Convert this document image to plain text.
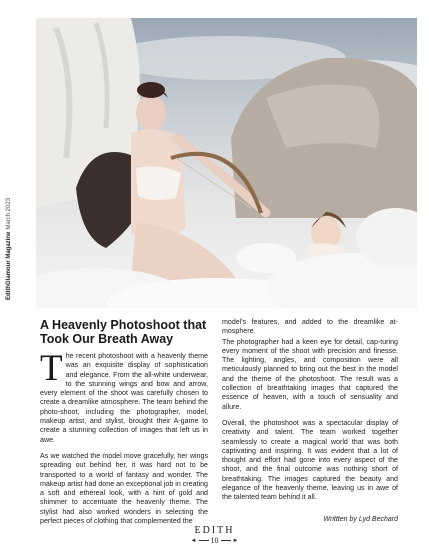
EdithGlamour MagazineMarch 2023
A Heavenly Photoshoot that Took Our Breath Away

The recent photoshoot with a heavenly theme was an exquisite display of sophistication and elegance. From the all-white underwear, to the stunning wings and bow and arrow, every element of the shoot was carefully chosen to create a dreamlike atmosphere. The team behind the photo-shoot, including the photographer, model, makeup artist, and stylist, brought their A-game to create a stunning collection of images that left us in awe.

As we watched the model move gracefully, her wings spreading out behind her, it was hard not to be transported to a world of fantasy and wonder. The makeup artist had done an exceptional job in creating a soft and ethereal look, with a hint of gold and shimmer to accentuate the heavenly theme. The stylist had also worked wonders in selecting the perfect pieces of clothing that complemented the

model's features, and added to the dreamlike at-mosphere.

The photographer had a keen eye for detail, cap-turing every moment of the shoot with precision and finesse. The lighting, angles, and composition were all meticulously planned to bring out the best in the model and the theme of the photoshoot. The result was a collection of breathtaking images that captured the essence of heaven, with a touch of sensuality and allure.

Overall, the photoshoot was a spectacular display of creativity and talent. The team worked together seamlessly to create a magical world that was both captivating and inspiring. It was evident that a lot of thought and effort had gone into every aspect of the shoot, and the final outcome was nothing short of breathtaking. The images captured the beauty and elegance of the heavenly theme, leaving us in awe of the talented team behind it all.

Writtten by Lyd Bechard
EDITH
◄ 10 ►
